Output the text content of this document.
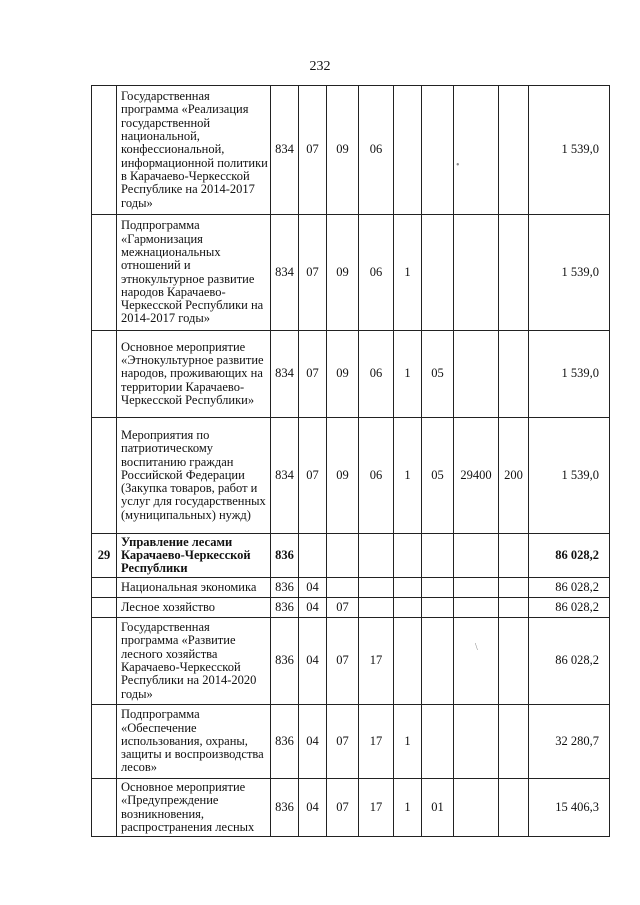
232
	Государственная программа «Реализация государственной национальной, конфессиональной, информационной политики в Карачаево-Черкесской Республике на 2014-2017 годы»	834	07	09	06					1 539,0
	Подпрограмма «Гармонизация межнациональных отношений и этнокультурное развитие народов Карачаево-Черкесской Республики на 2014-2017 годы»	834	07	09	06	1				1 539,0
	Основное мероприятие «Этнокультурное развитие народов, проживающих на территории Карачаево-Черкесской Республики»	834	07	09	06	1	05			1 539,0
	Мероприятия по патриотическому воспитанию граждан Российской Федерации (Закупка товаров, работ и услуг для государственных (муниципальных) нужд)	834	07	09	06	1	05	29400	200	1 539,0
29	Управление лесами Карачаево-Черкесской Республики	836								86 028,2
	Национальная экономика	836	04							86 028,2
	Лесное хозяйство	836	04	07						86 028,2
	Государственная программа «Развитие лесного хозяйства Карачаево-Черкесской Республики на 2014-2020 годы»	836	04	07	17					86 028,2
	Подпрограмма «Обеспечение использования, охраны, защиты и воспроизводства лесов»	836	04	07	17	1				32 280,7
	Основное мероприятие «Предупреждение возникновения, распространения лесных	836	04	07	17	1	01			15 406,3
•
\
